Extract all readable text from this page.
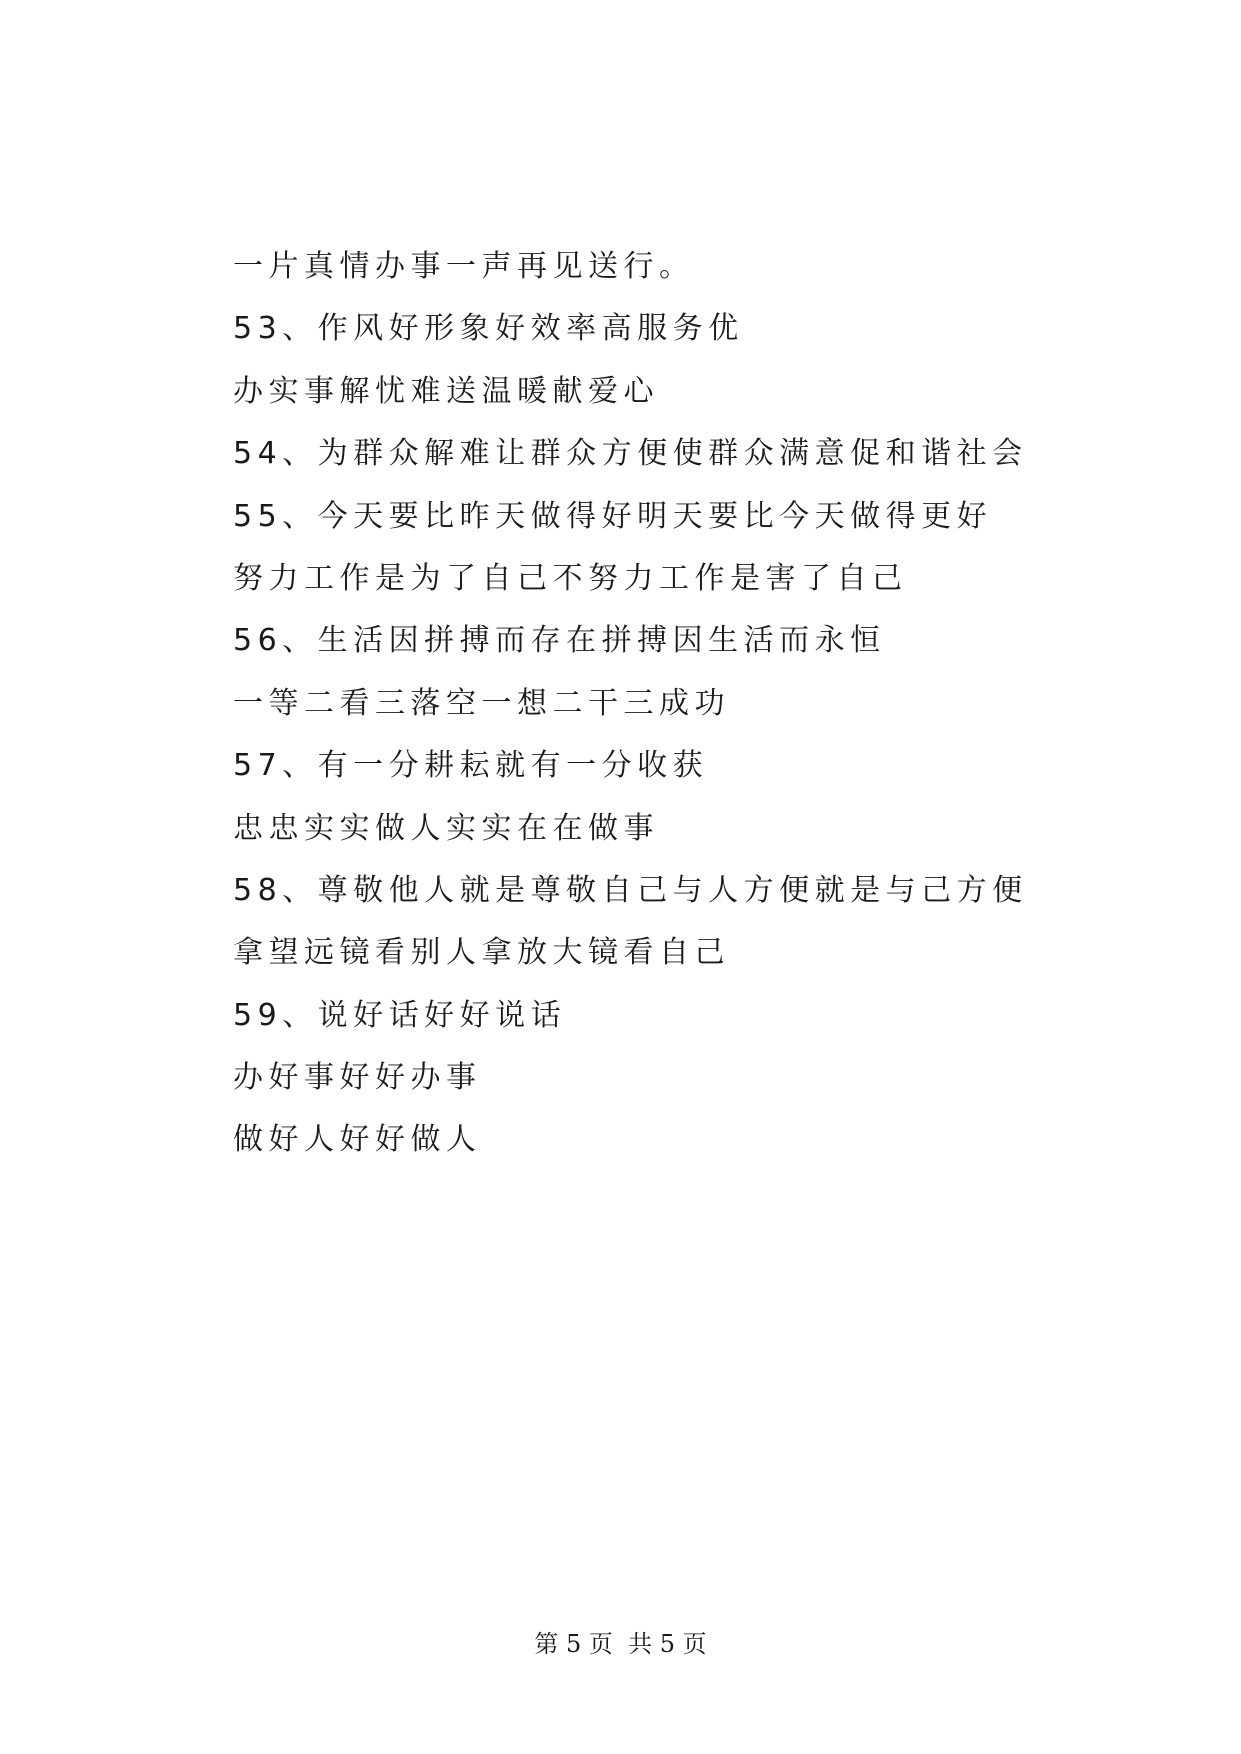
一片真情办事一声再见送行。
53、作风好形象好效率高服务优
办实事解忧难送温暖献爱心
54、为群众解难让群众方便使群众满意促和谐社会
55、今天要比昨天做得好明天要比今天做得更好
努力工作是为了自己不努力工作是害了自己
56、生活因拼搏而存在拼搏因生活而永恒
一等二看三落空一想二干三成功
57、有一分耕耘就有一分收获
忠忠实实做人实实在在做事
58、尊敬他人就是尊敬自己与人方便就是与己方便
拿望远镜看别人拿放大镜看自己
59、说好话好好说话
办好事好好办事
做好人好好做人
第 5 页  共 5 页
